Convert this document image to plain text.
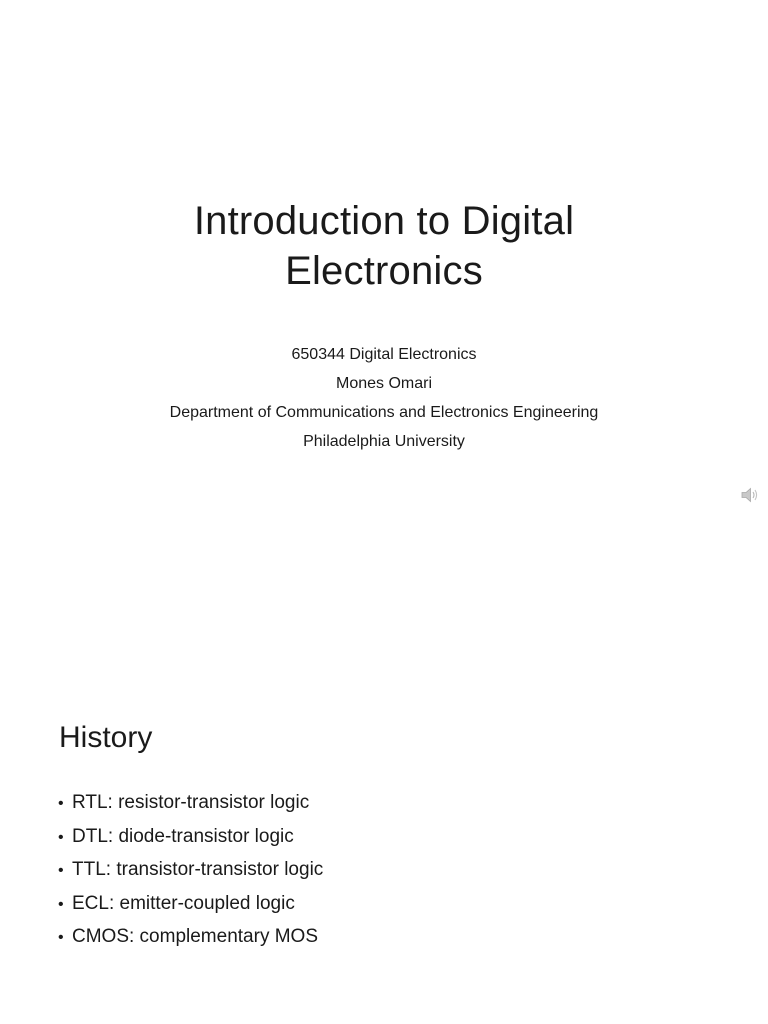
Introduction to Digital
Electronics
650344 Digital Electronics
Mones Omari
Department of Communications and Electronics Engineering
Philadelphia University
History
• RTL: resistor-transistor logic
• DTL: diode-transistor logic
• TTL: transistor-transistor logic
• ECL: emitter-coupled logic
• CMOS: complementary MOS
